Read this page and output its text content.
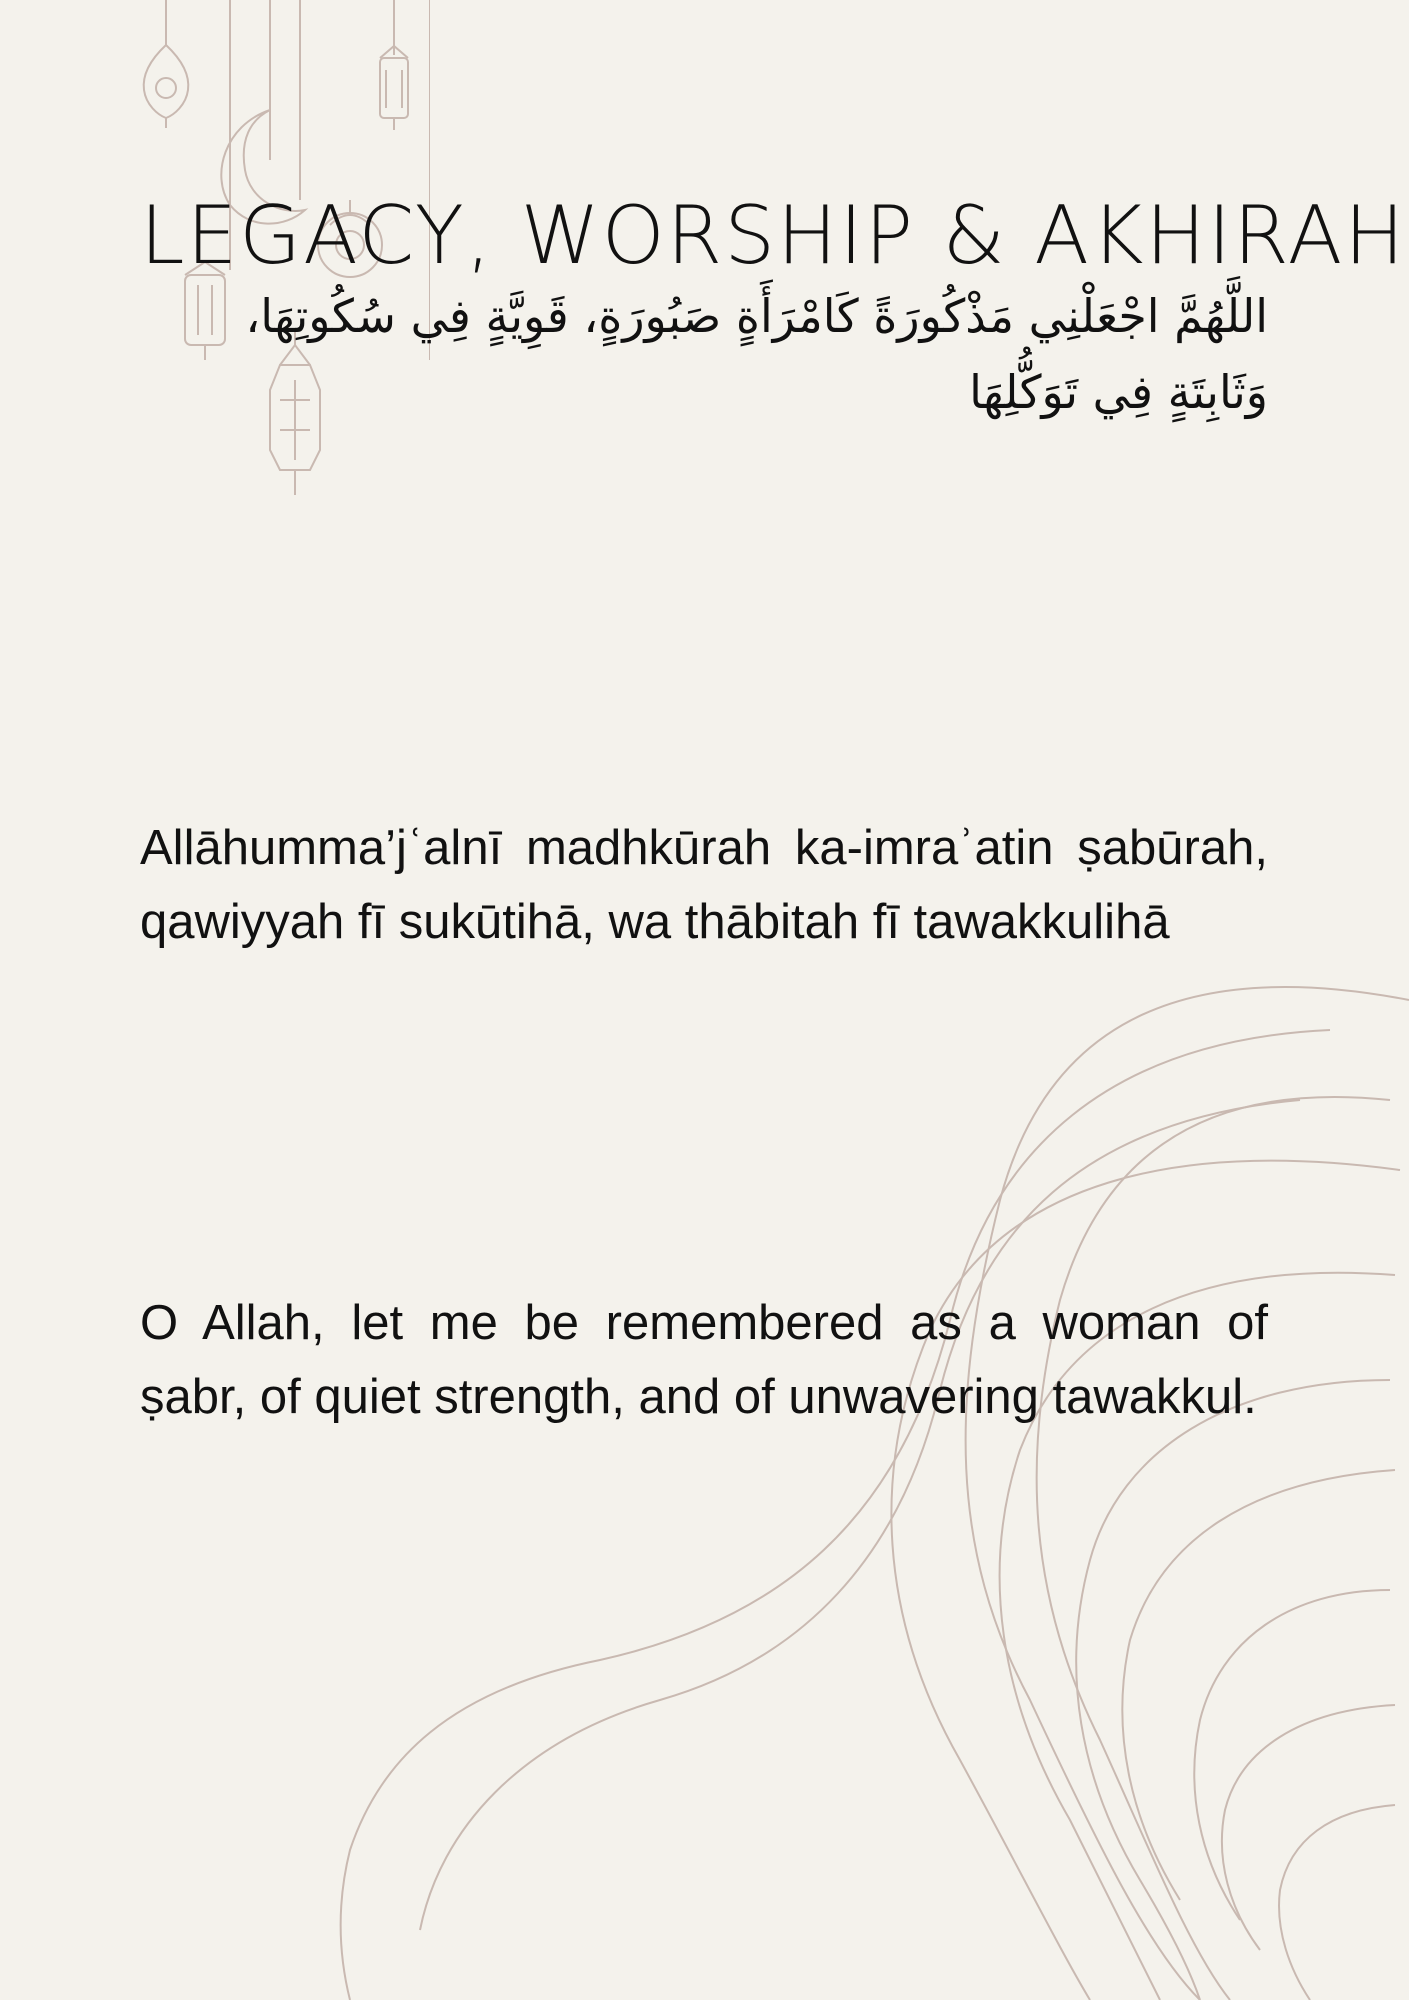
LEGACY, WORSHIP & AKHIRAH
اللَّهُمَّ اجْعَلْنِي مَذْكُورَةً كَامْرَأَةٍ صَبُورَةٍ، قَوِيَّةٍ فِي سُكُوتِهَا، وَثَابِتَةٍ فِي تَوَكُّلِهَا

Allāhumma’jʿalnī madhkūrah ka-imraʾatin ṣabūrah, qawiyyah fī sukūtihā, wa thābitah fī tawakkulihā

O Allah, let me be remembered as a woman of ṣabr, of quiet strength, and of unwavering tawakkul.
